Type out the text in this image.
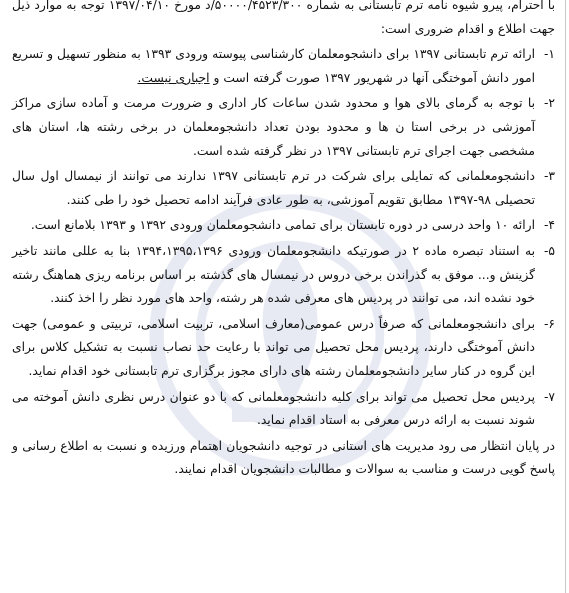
با احترام، پیرو شیوه نامه ترم تابستانی به شماره ۵۰۰۰۰/۴۵۲۳/۳۰۰/د مورخ ۱۳۹۷/۰۴/۱۰ توجه به موارد ذیل جهت اطلاع و اقدام ضروری است:

۱-
ارائه ترم تابستانی ۱۳۹۷ برای دانشجومعلمان کارشناسی پیوسته ورودی ۱۳۹۳ به منظور تسهیل و تسریع امور دانش آموختگی آنها در شهریور ۱۳۹۷ صورت گرفته است و اجباری نیست.
۲-
با توجه به گرمای بالای هوا و محدود شدن ساعات کار اداری و ضرورت مرمت و آماده سازی مراکز آموزشی در برخی استا ن ها و محدود بودن تعداد دانشجومعلمان در برخی رشته ها، استان های مشخصی جهت اجرای ترم تابستانی ۱۳۹۷ در نظر گرفته شده است.
۳-
دانشجومعلمانی که تمایلی برای شرکت در ترم تابستانی ۱۳۹۷ ندارند می توانند از نیمسال اول سال تحصیلی ۹۸-۱۳۹۷ مطابق تقویم آموزشی، به طور عادی فرآیند ادامه تحصیل خود را طی کنند.
۴-
ارائه ۱۰ واحد درسی در دوره تابستان برای تمامی دانشجومعلمان ورودی ۱۳۹۲ و ۱۳۹۳ بلامانع است.
۵-
به استناد تبصره ماده ۲ در صورتیکه دانشجومعلمان ورودی ۱۳۹۴،۱۳۹۵،۱۳۹۶ بنا به عللی مانند تاخیر گزینش و... موفق به گذراندن برخی دروس در نیمسال های گذشته بر اساس برنامه ریزی هماهنگ رشته خود نشده اند، می توانند در پردیس های معرفی شده هر رشته، واحد های مورد نظر را اخذ کنند.
۶-
برای دانشجومعلمانی که صرفاً درس عمومی(معارف اسلامی، تربیت اسلامی، تربیتی و عمومی) جهت دانش آموختگی دارند، پردیس محل تحصیل می تواند با رعایت حد نصاب نسبت به تشکیل کلاس برای این گروه در کنار سایر دانشجومعلمان رشته های دارای مجوز برگزاری ترم تابستانی خود اقدام نماید.
۷-
پردیس محل تحصیل می تواند برای کلیه دانشجومعلمانی که با دو عنوان درس نظری دانش آموخته می شوند نسبت به ارائه درس معرفی به استاد اقدام نماید.

در پایان انتظار می رود مدیریت های استانی در توجیه دانشجویان اهتمام ورزیده و نسبت به اطلاع رسانی و پاسخ گویی درست و مناسب به سوالات و مطالبات دانشجویان اقدام نمایند.
